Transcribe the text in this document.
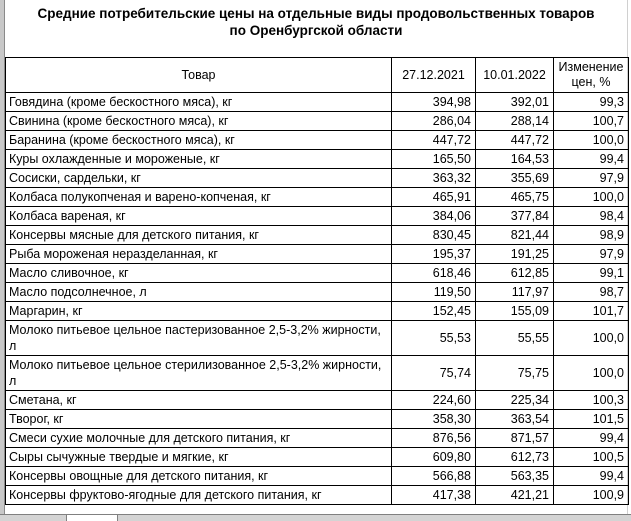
Средние потребительские цены на отдельные виды продовольственных товаров
по Оренбургской области
Товар	27.12.2021	10.01.2022	Изменение цен, %
Говядина (кроме бескостного мяса), кг	394,98	392,01	99,3
Свинина (кроме бескостного мяса), кг	286,04	288,14	100,7
Баранина (кроме бескостного мяса), кг	447,72	447,72	100,0
Куры охлажденные и мороженые, кг	165,50	164,53	99,4
Сосиски, сардельки, кг	363,32	355,69	97,9
Колбаса полукопченая и варено-копченая, кг	465,91	465,75	100,0
Колбаса вареная, кг	384,06	377,84	98,4
Консервы мясные для детского питания, кг	830,45	821,44	98,9
Рыба мороженая неразделанная, кг	195,37	191,25	97,9
Масло сливочное, кг	618,46	612,85	99,1
Масло подсолнечное, л	119,50	117,97	98,7
Маргарин, кг	152,45	155,09	101,7
Молоко питьевое цельное пастеризованное 2,5-3,2% жирности, л	55,53	55,55	100,0
Молоко питьевое цельное стерилизованное 2,5-3,2% жирности, л	75,74	75,75	100,0
Сметана, кг	224,60	225,34	100,3
Творог, кг	358,30	363,54	101,5
Смеси сухие молочные для детского питания, кг	876,56	871,57	99,4
Сыры сычужные твердые и мягкие, кг	609,80	612,73	100,5
Консервы овощные для детского питания, кг	566,88	563,35	99,4
Консервы фруктово-ягодные для детского питания, кг	417,38	421,21	100,9
